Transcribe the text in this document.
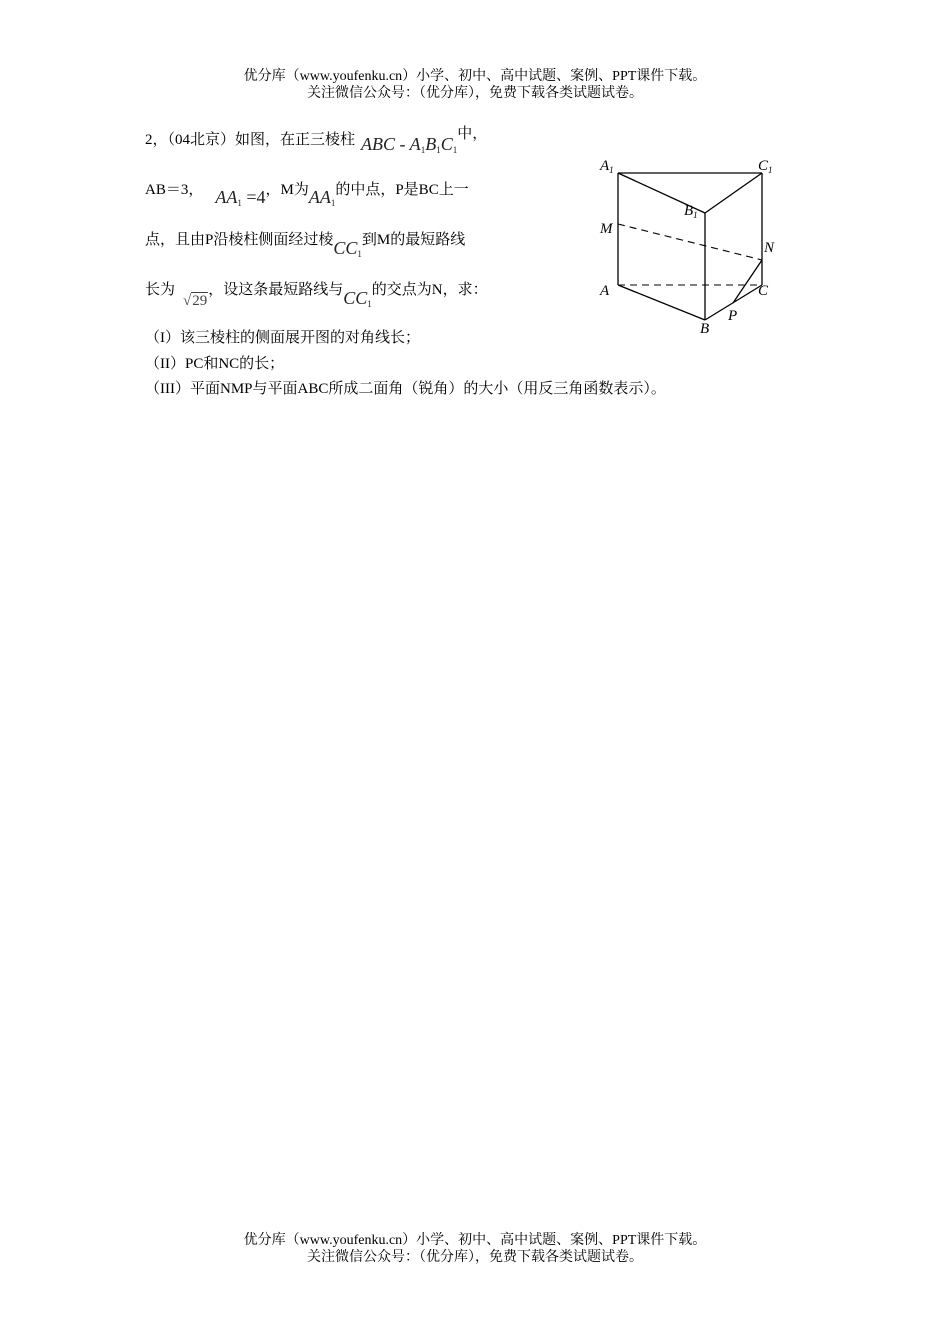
优分库（www.youfenku.cn）小学、初中、高中试题、案例、PPT课件下载。
关注微信公众号：（优分库），免费下载各类试题试卷。
2，（04北京）如图，在正三棱柱 ABC - $A_1B_1C_1$中，
AB＝3， $AA_1 =4$，M为$AA_1$的中点，P是BC上一
点，且由P沿棱柱侧面经过棱$CC_1$到M的最短路线
长为√29，设这条最短路线与$CC_1$的交点为N，求：
（I）该三棱柱的侧面展开图的对角线长；
（II）PC和NC的长；
（III）平面NMP与平面ABC所成二面角（锐角）的大小（用反三角函数表示）。
$A_1$	$C_1$
$B_1$
M
N
A	C
B
P
优分库（www.youfenku.cn）小学、初中、高中试题、案例、PPT课件下载。
关注微信公众号：（优分库），免费下载各类试题试卷。
